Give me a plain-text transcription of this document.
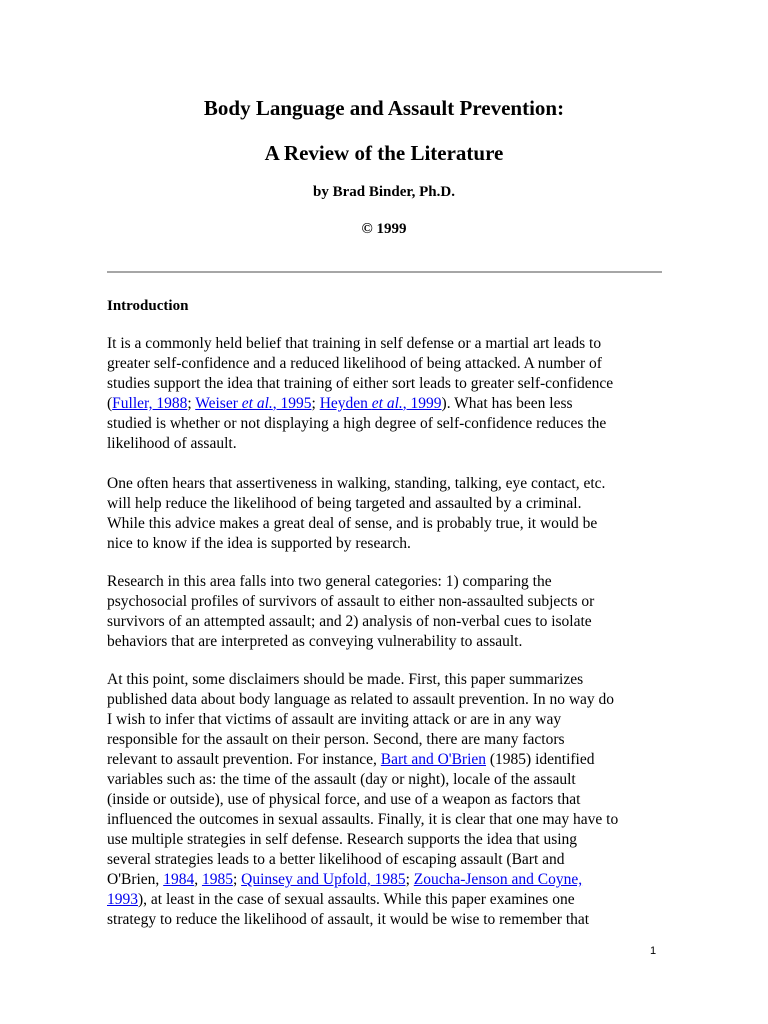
Body Language and Assault Prevention:
A Review of the Literature
by Brad Binder, Ph.D.
© 1999
Introduction
It is a commonly held belief that training in self defense or a martial art leads to
greater self-confidence and a reduced likelihood of being attacked. A number of
studies support the idea that training of either sort leads to greater self-confidence
(Fuller, 1988; Weiser et al., 1995; Heyden et al., 1999). What has been less
studied is whether or not displaying a high degree of self-confidence reduces the
likelihood of assault.
One often hears that assertiveness in walking, standing, talking, eye contact, etc.
will help reduce the likelihood of being targeted and assaulted by a criminal.
While this advice makes a great deal of sense, and is probably true, it would be
nice to know if the idea is supported by research.
Research in this area falls into two general categories: 1) comparing the
psychosocial profiles of survivors of assault to either non-assaulted subjects or
survivors of an attempted assault; and 2) analysis of non-verbal cues to isolate
behaviors that are interpreted as conveying vulnerability to assault.
At this point, some disclaimers should be made. First, this paper summarizes
published data about body language as related to assault prevention. In no way do
I wish to infer that victims of assault are inviting attack or are in any way
responsible for the assault on their person. Second, there are many factors
relevant to assault prevention. For instance, Bart and O'Brien (1985) identified
variables such as: the time of the assault (day or night), locale of the assault
(inside or outside), use of physical force, and use of a weapon as factors that
influenced the outcomes in sexual assaults. Finally, it is clear that one may have to
use multiple strategies in self defense. Research supports the idea that using
several strategies leads to a better likelihood of escaping assault (Bart and
O'Brien, 1984, 1985; Quinsey and Upfold, 1985; Zoucha-Jenson and Coyne,
1993), at least in the case of sexual assaults. While this paper examines one
strategy to reduce the likelihood of assault, it would be wise to remember that
1
